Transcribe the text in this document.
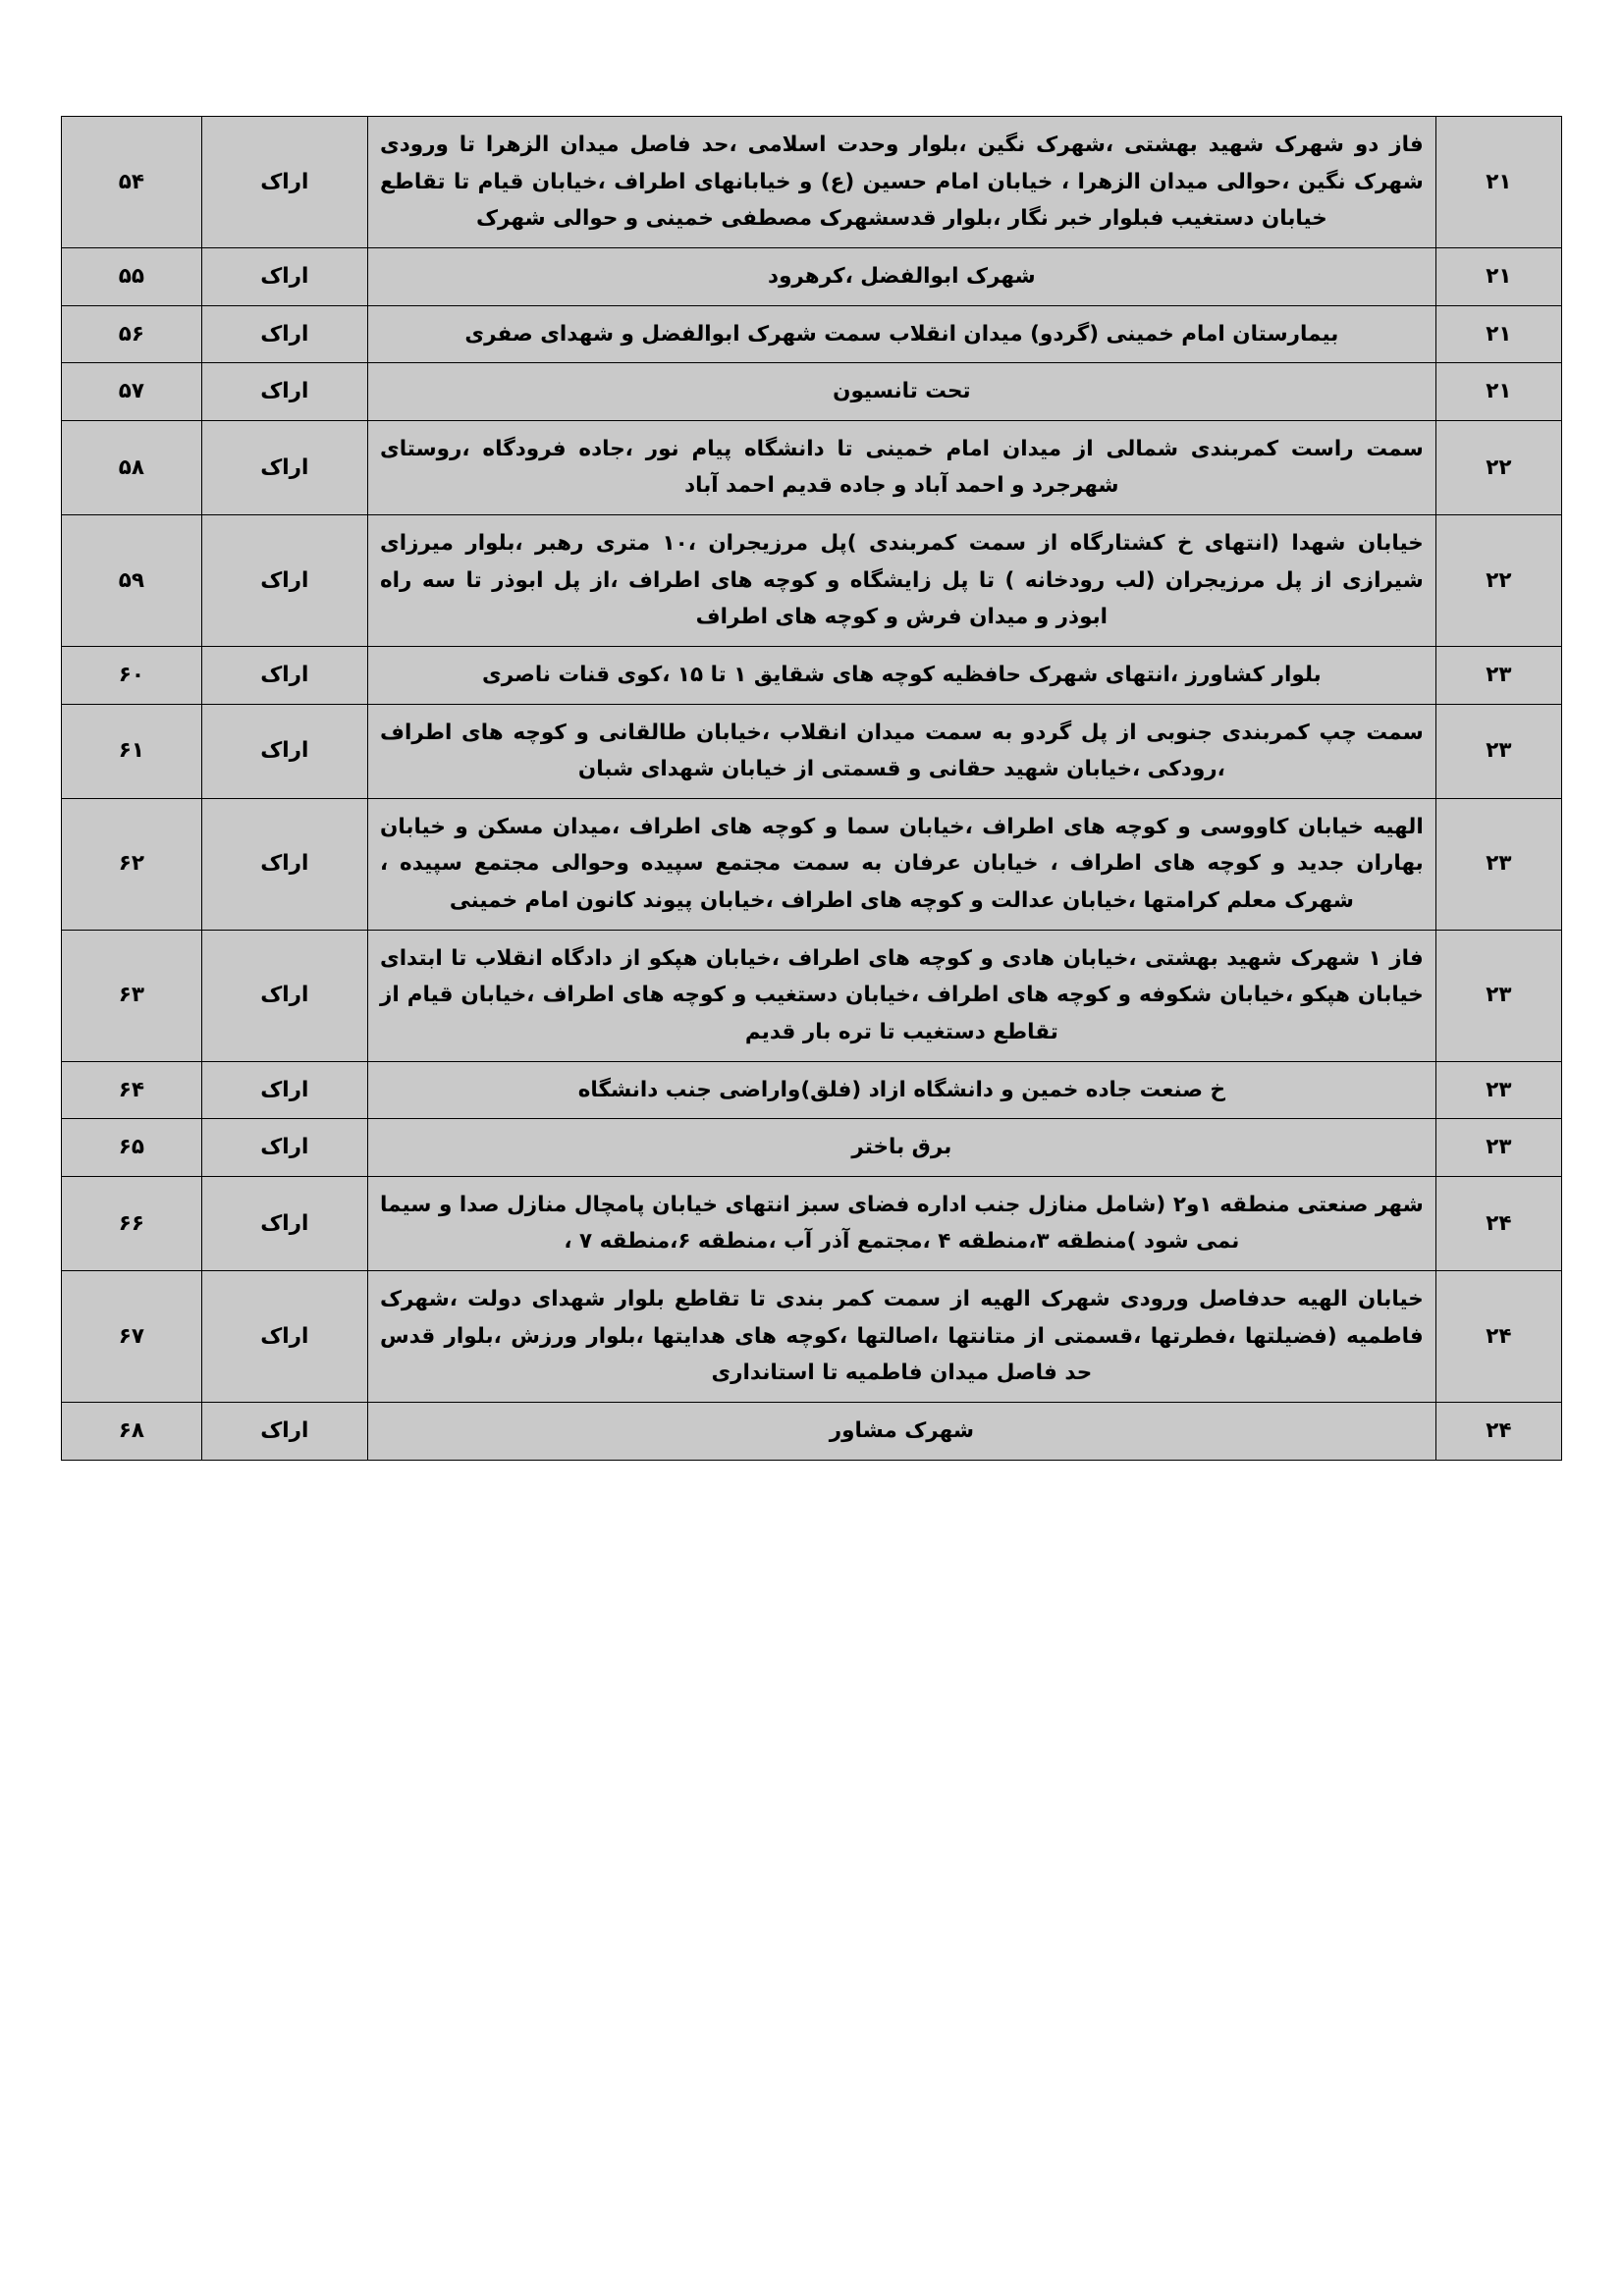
۲۱	فاز دو شهرک شهید بهشتی ،شهرک نگین ،بلوار وحدت اسلامی ،حد فاصل میدان الزهرا تا ورودی شهرک نگین ،حوالی میدان الزهرا ، خیابان امام حسین (ع) و خیابانهای اطراف ،خیابان قیام تا تقاطع خیابان دستغیب فبلوار خبر نگار ،بلوار قدسشهرک مصطفی خمینی و حوالی شهرک	اراک	۵۴
۲۱	شهرک ابوالفضل ،کرهرود	اراک	۵۵
۲۱	بیمارستان امام خمینی (گردو) میدان انقلاب سمت شهرک ابوالفضل و شهدای صفری	اراک	۵۶
۲۱	تحت تانسیون	اراک	۵۷
۲۲	سمت راست کمربندی شمالی از میدان امام خمینی تا دانشگاه پیام نور ،جاده فرودگاه ،روستای شهرجرد و احمد آباد و جاده قدیم احمد آباد	اراک	۵۸
۲۲	خیابان شهدا (انتهای خ کشتارگاه از سمت کمربندی )پل مرزیجران ،۱۰ متری رهبر ،بلوار میرزای شیرازی از پل مرزیجران (لب رودخانه ) تا پل زایشگاه و کوچه های اطراف ،از پل ابوذر تا سه راه ابوذر و میدان فرش و کوچه های اطراف	اراک	۵۹
۲۳	بلوار کشاورز ،انتهای شهرک حافظیه کوچه های شقایق ۱ تا ۱۵ ،کوی قنات ناصری	اراک	۶۰
۲۳	سمت چپ کمربندی جنوبی از پل گردو به سمت میدان انقلاب ،خیابان طالقانی و کوچه های اطراف ،رودکی ،خیابان شهید حقانی و قسمتی از خیابان شهدای شبان	اراک	۶۱
۲۳	الهیه خیابان کاووسی و کوچه های اطراف ،خیابان سما و کوچه های اطراف ،میدان مسکن و خیابان بهاران جدید و کوچه های اطراف ، خیابان عرفان به سمت مجتمع سپیده وحوالی مجتمع سپیده ، شهرک معلم کرامتها ،خیابان عدالت و کوچه های اطراف ،خیابان پیوند کانون امام خمینی	اراک	۶۲
۲۳	فاز ۱ شهرک شهید بهشتی ،خیابان هادی و کوچه های اطراف ،خیابان هپکو از دادگاه انقلاب تا ابتدای خیابان هپکو ،خیابان شکوفه و کوچه های اطراف ،خیابان دستغیب و کوچه های اطراف ،خیابان قیام از تقاطع دستغیب تا تره بار قدیم	اراک	۶۳
۲۳	خ صنعت جاده خمین و دانشگاه ازاد (فلق)واراضی جنب دانشگاه	اراک	۶۴
۲۳	برق باختر	اراک	۶۵
۲۴	شهر صنعتی منطقه ۱و۲ (شامل منازل جنب اداره فضای سبز انتهای خیابان پامچال منازل صدا و سیما نمی شود )منطقه ۳،منطقه ۴ ،مجتمع آذر آب ،منطقه ۶،منطقه ۷ ،	اراک	۶۶
۲۴	خیابان الهیه حدفاصل ورودی شهرک الهیه از سمت کمر بندی تا تقاطع بلوار شهدای دولت ،شهرک فاطمیه (فضیلتها ،فطرتها ،قسمتی از متانتها ،اصالتها ،کوچه های هدایتها ،بلوار ورزش ،بلوار قدس حد فاصل میدان فاطمیه تا استانداری	اراک	۶۷
۲۴	شهرک مشاور	اراک	۶۸
